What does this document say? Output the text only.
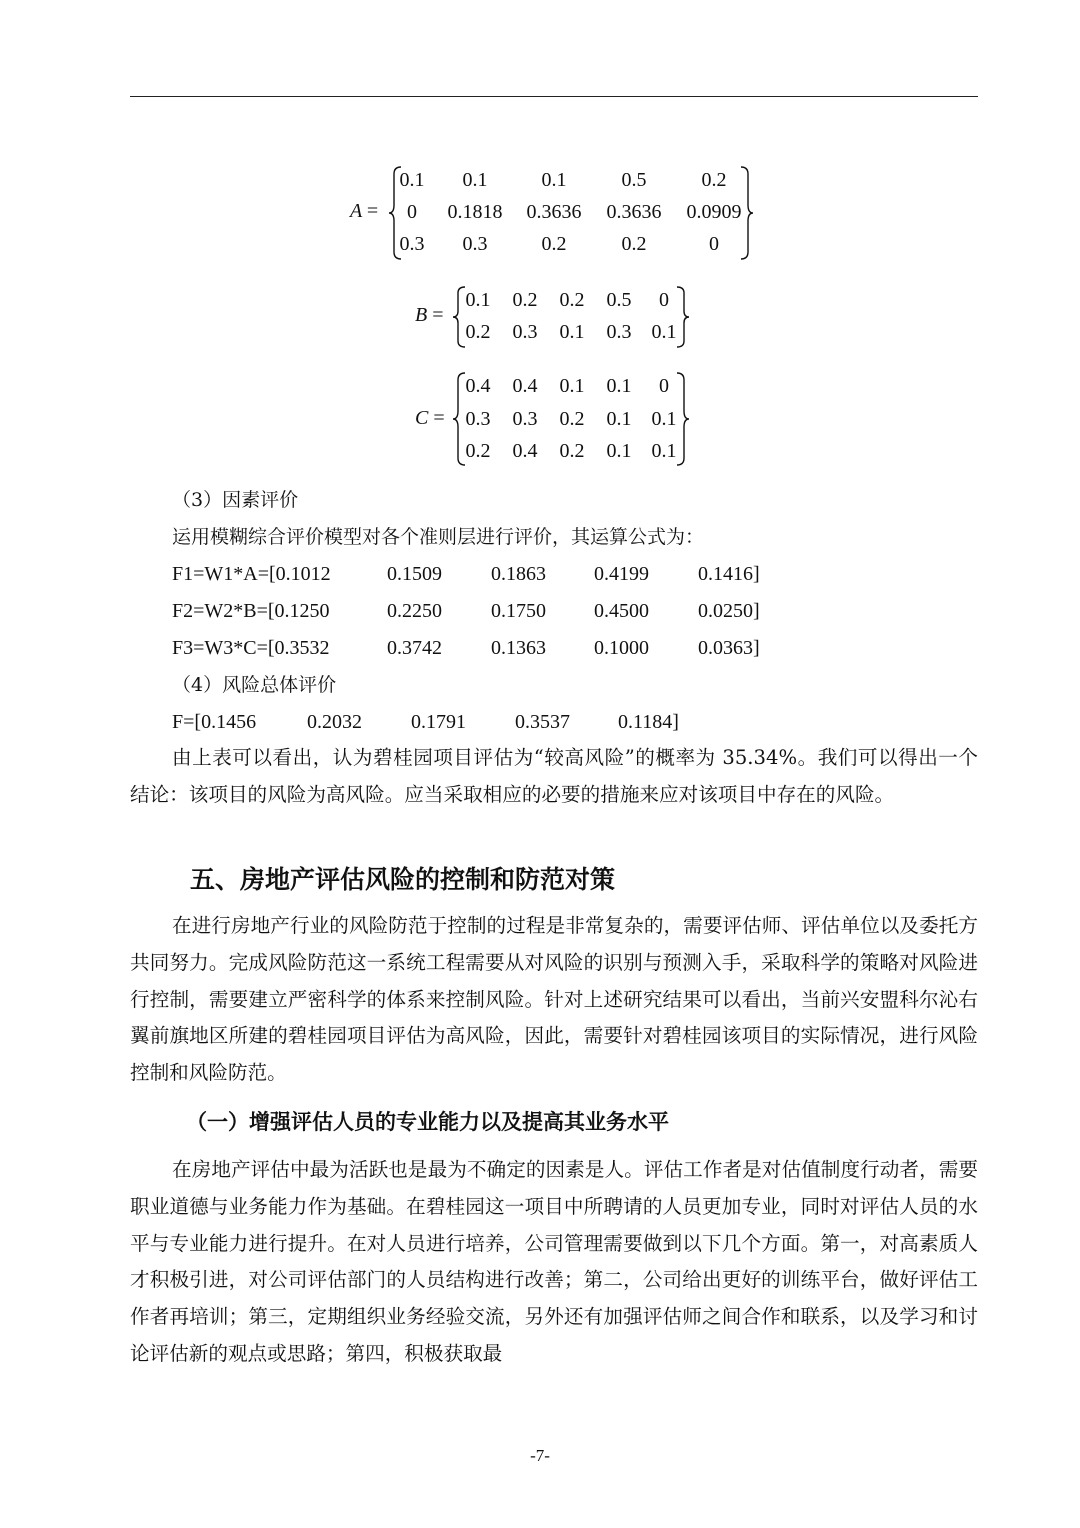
A =
0.1	0.1	0.1	0.5	0.2
0	0.1818	0.3636	0.3636	0.0909
0.3	0.3	0.2	0.2	0
B =
0.1	0.2	0.2	0.5	0
0.2	0.3	0.1	0.3	0.1
C =
0.4	0.4	0.1	0.1	0
0.3	0.3	0.2	0.1	0.1
0.2	0.4	0.2	0.1	0.1
（3）因素评价
运用模糊综合评价模型对各个准则层进行评价，其运算公式为：
F1=W1*A=[0.1012	0.1509 0.1863 0.4199 0.1416]
F2=W2*B=[0.1250	0.2250 0.1750 0.4500 0.0250]
F3=W3*C=[0.3532	0.3742 0.1363 0.1000 0.0363]
（4）风险总体评价
F=[0.1456	0.2032 0.1791 0.3537 0.1184]
由上表可以看出，认为碧桂园项目评估为“较高风险”的概率为 35.34%。我们可以得出一个结论：该项目的风险为高风险。应当采取相应的必要的措施来应对该项目中存在的风险。
五、房地产评估风险的控制和防范对策
在进行房地产行业的风险防范于控制的过程是非常复杂的，需要评估师、评估单位以及委托方共同努力。完成风险防范这一系统工程需要从对风险的识别与预测入手，采取科学的策略对风险进行控制，需要建立严密科学的体系来控制风险。针对上述研究结果可以看出，当前兴安盟科尔沁右翼前旗地区所建的碧桂园项目评估为高风险，因此，需要针对碧桂园该项目的实际情况，进行风险控制和风险防范。
（一）增强评估人员的专业能力以及提高其业务水平
在房地产评估中最为活跃也是最为不确定的因素是人。评估工作者是对估值制度行动者，需要职业道德与业务能力作为基础。在碧桂园这一项目中所聘请的人员更加专业，同时对评估人员的水平与专业能力进行提升。在对人员进行培养，公司管理需要做到以下几个方面。第一，对高素质人才积极引进，对公司评估部门的人员结构进行改善；第二，公司给出更好的训练平台，做好评估工作者再培训；第三，定期组织业务经验交流，另外还有加强评估师之间合作和联系，以及学习和讨论评估新的观点或思路；第四，积极获取最
-7-
